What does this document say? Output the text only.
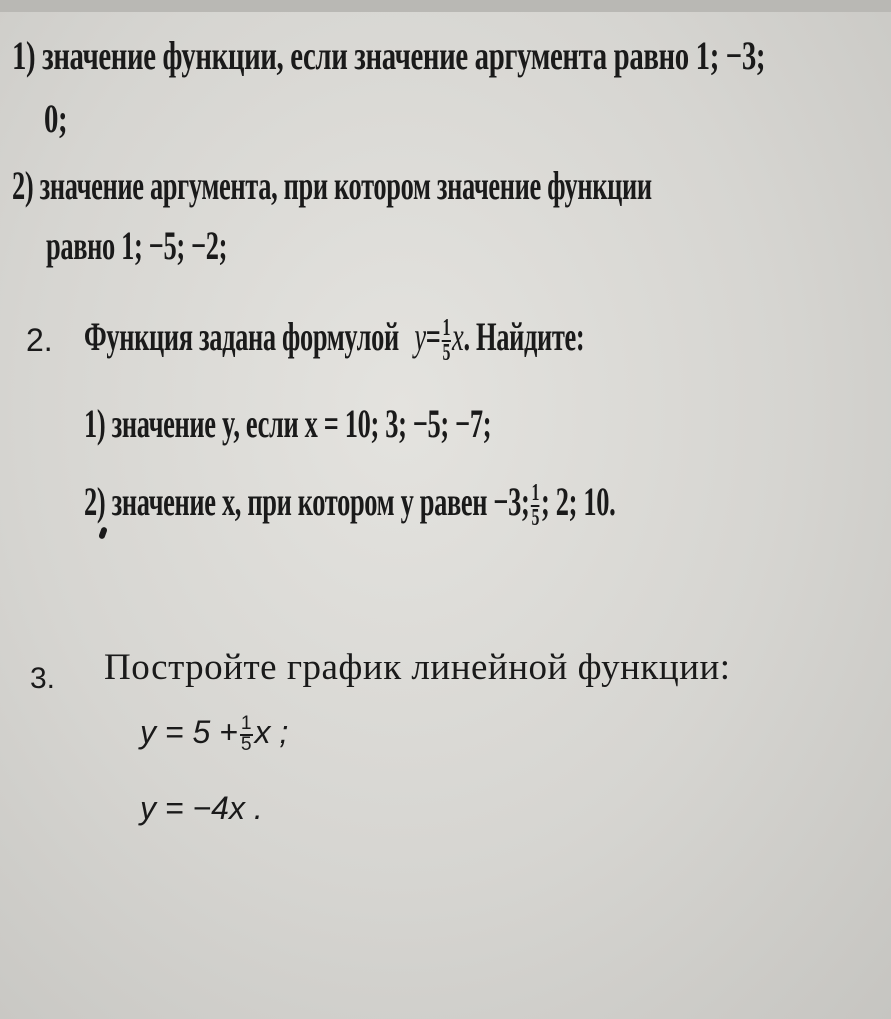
1) значение функции, если значение аргумента равно 1; −3;
0;
2) значение аргумента, при котором значение функции
равно 1; −5; −2;
2. Функция задана формулой $y= \frac{1}{5} x$. Найдите:
1) значение y, если x = 10; 3; −5; −7;
2) значение x, при котором y равен −3; $\frac{1}{5}$ ; 2; 10.
3. Постройте график линейной функции:
$y = 5 + \frac{1}{5}$ x ;
y = −4x .
